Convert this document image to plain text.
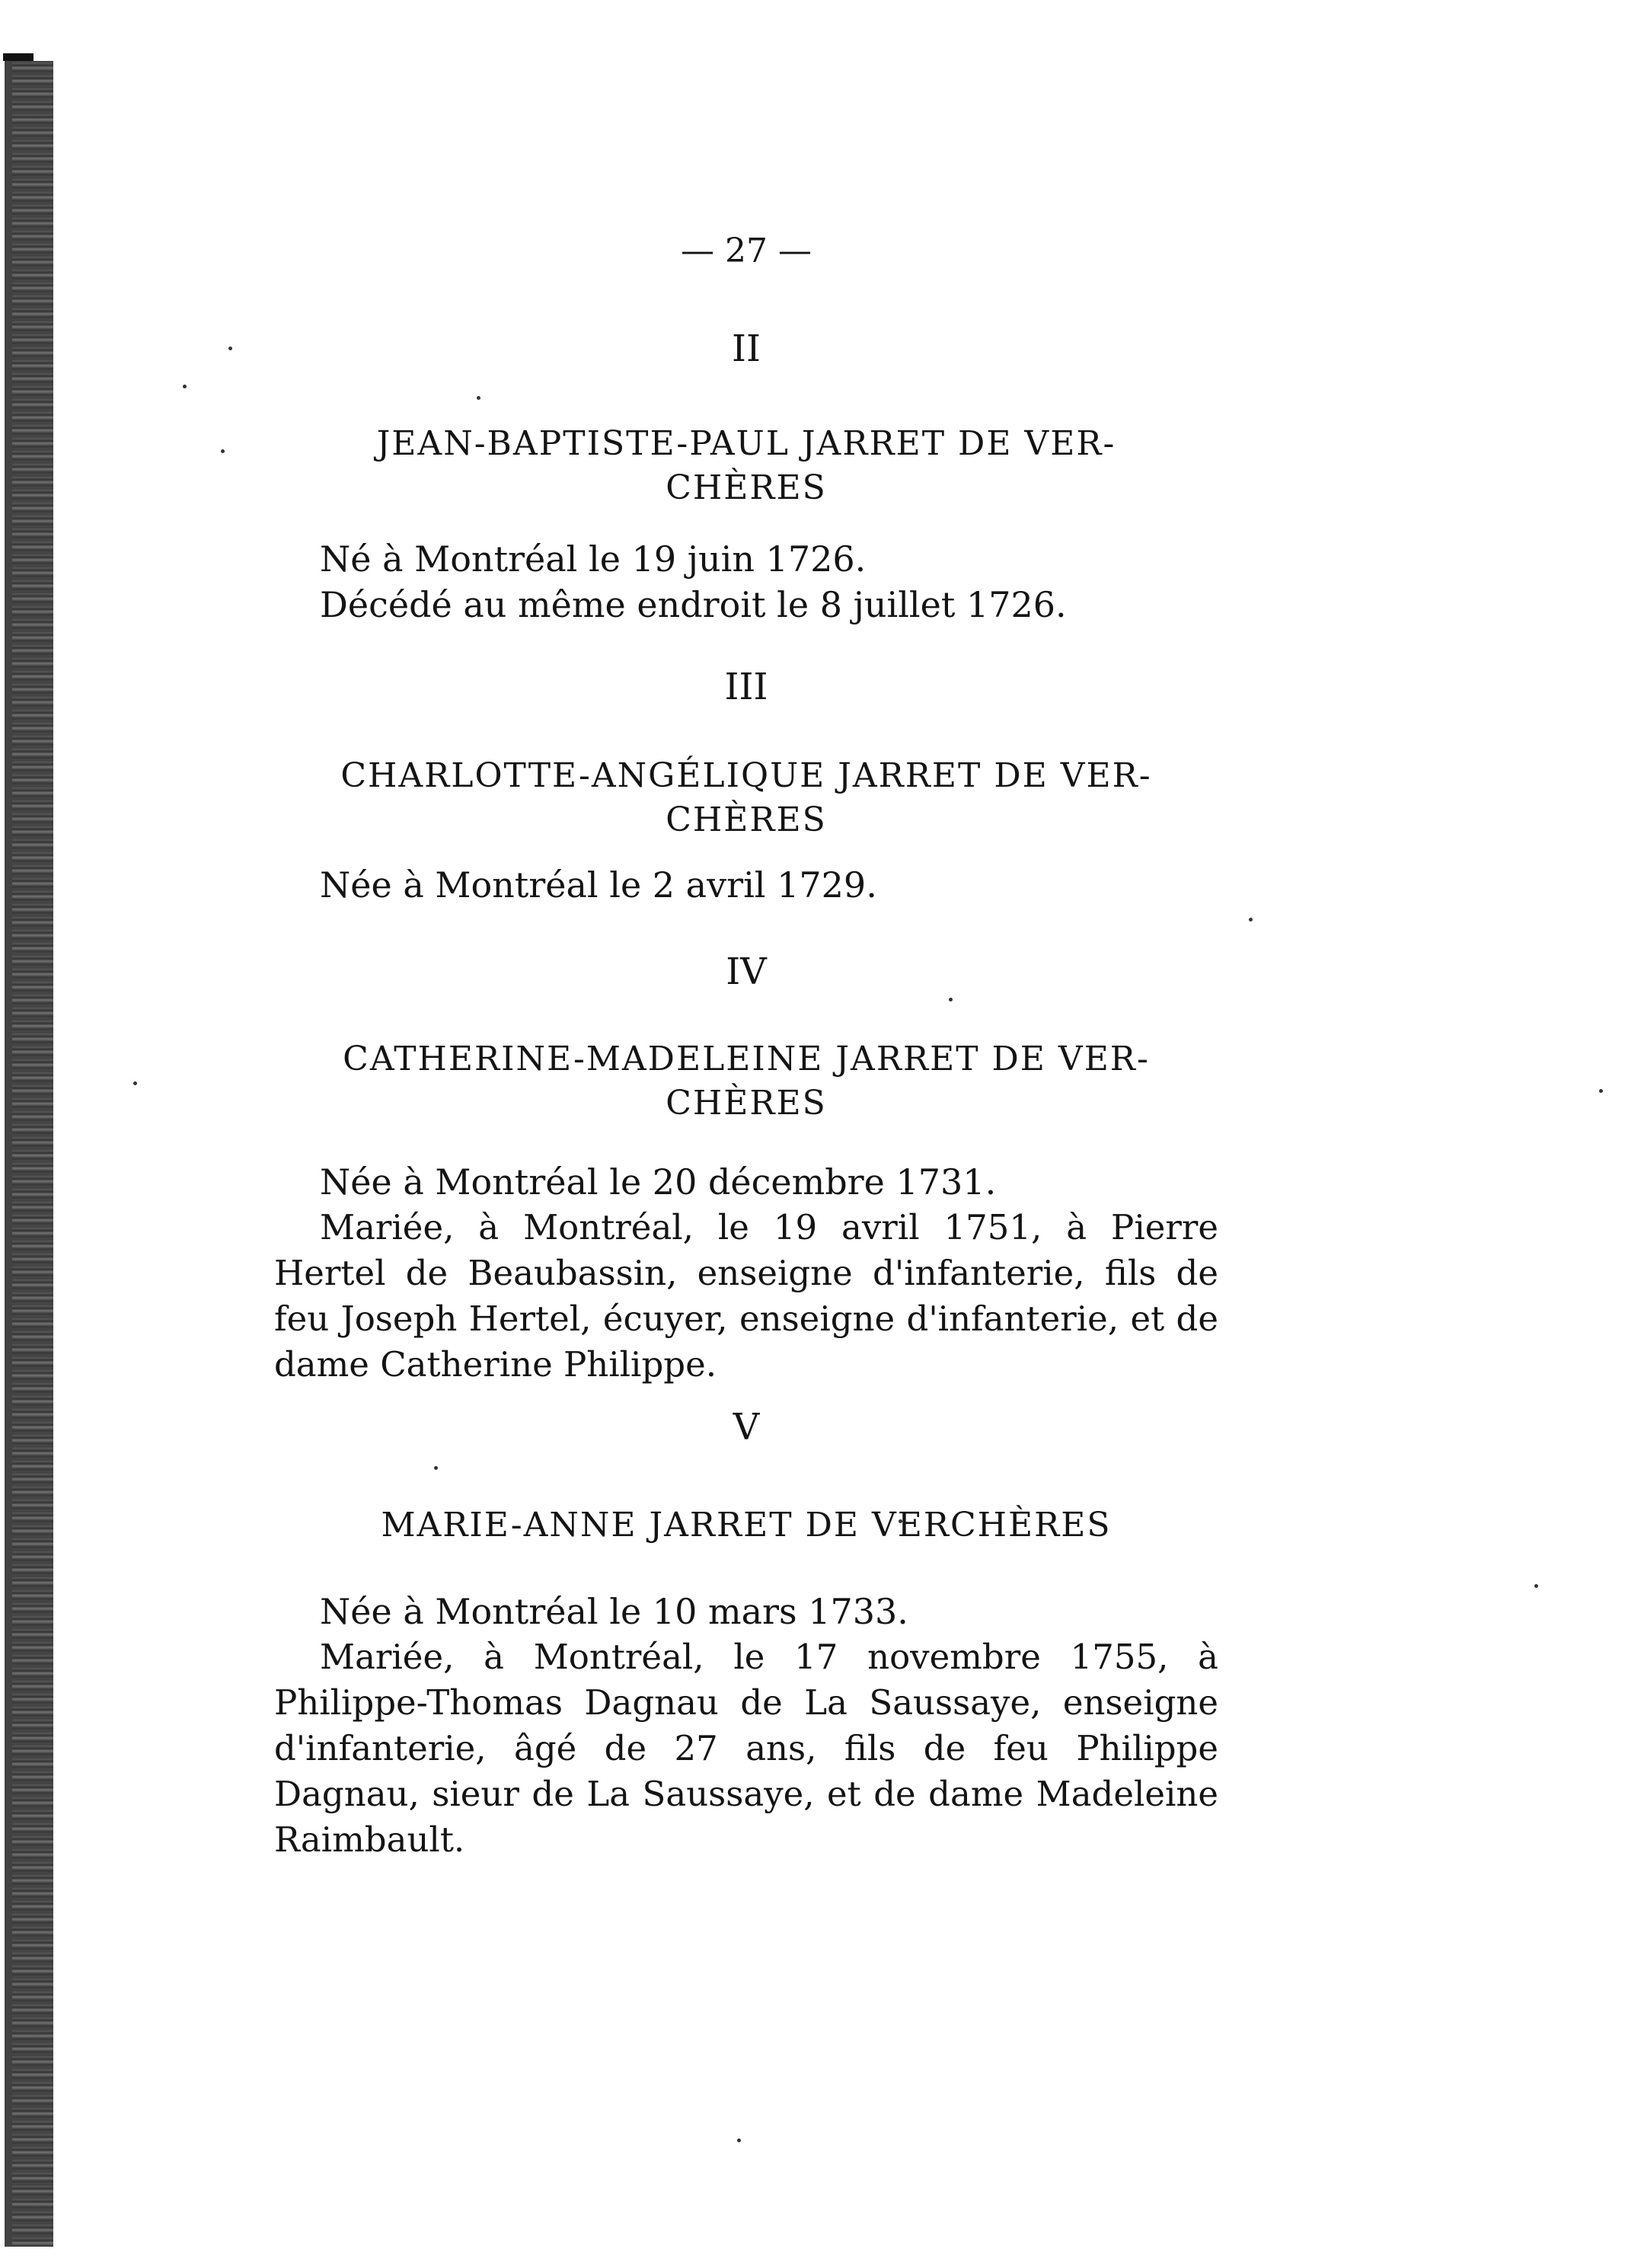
— 27 —

II

JEAN-BAPTISTE-PAUL JARRET DE VER-

CHÈRES

Né à Montréal le 19 juin 1726.

Décédé au même endroit le 8 juillet 1726.

III

CHARLOTTE-ANGÉLIQUE JARRET DE VER-

CHÈRES

Née à Montréal le 2 avril 1729.

IV

CATHERINE-MADELEINE JARRET DE VER-

CHÈRES

Née à Montréal le 20 décembre 1731.

Mariée, à Montréal, le 19 avril 1751, à Pierre Hertel de Beaubassin, enseigne d'infanterie, fils de feu Joseph Hertel, écuyer, enseigne d'infanterie, et de dame Catherine Philippe.

V

MARIE-ANNE JARRET DE VERCHÈRES

Née à Montréal le 10 mars 1733.

Mariée, à Montréal, le 17 novembre 1755, à Philippe-Thomas Dagnau de La Saussaye, enseigne d'infanterie, âgé de 27 ans, fils de feu Philippe Dagnau, sieur de La Saussaye, et de dame Madeleine Raimbault.
